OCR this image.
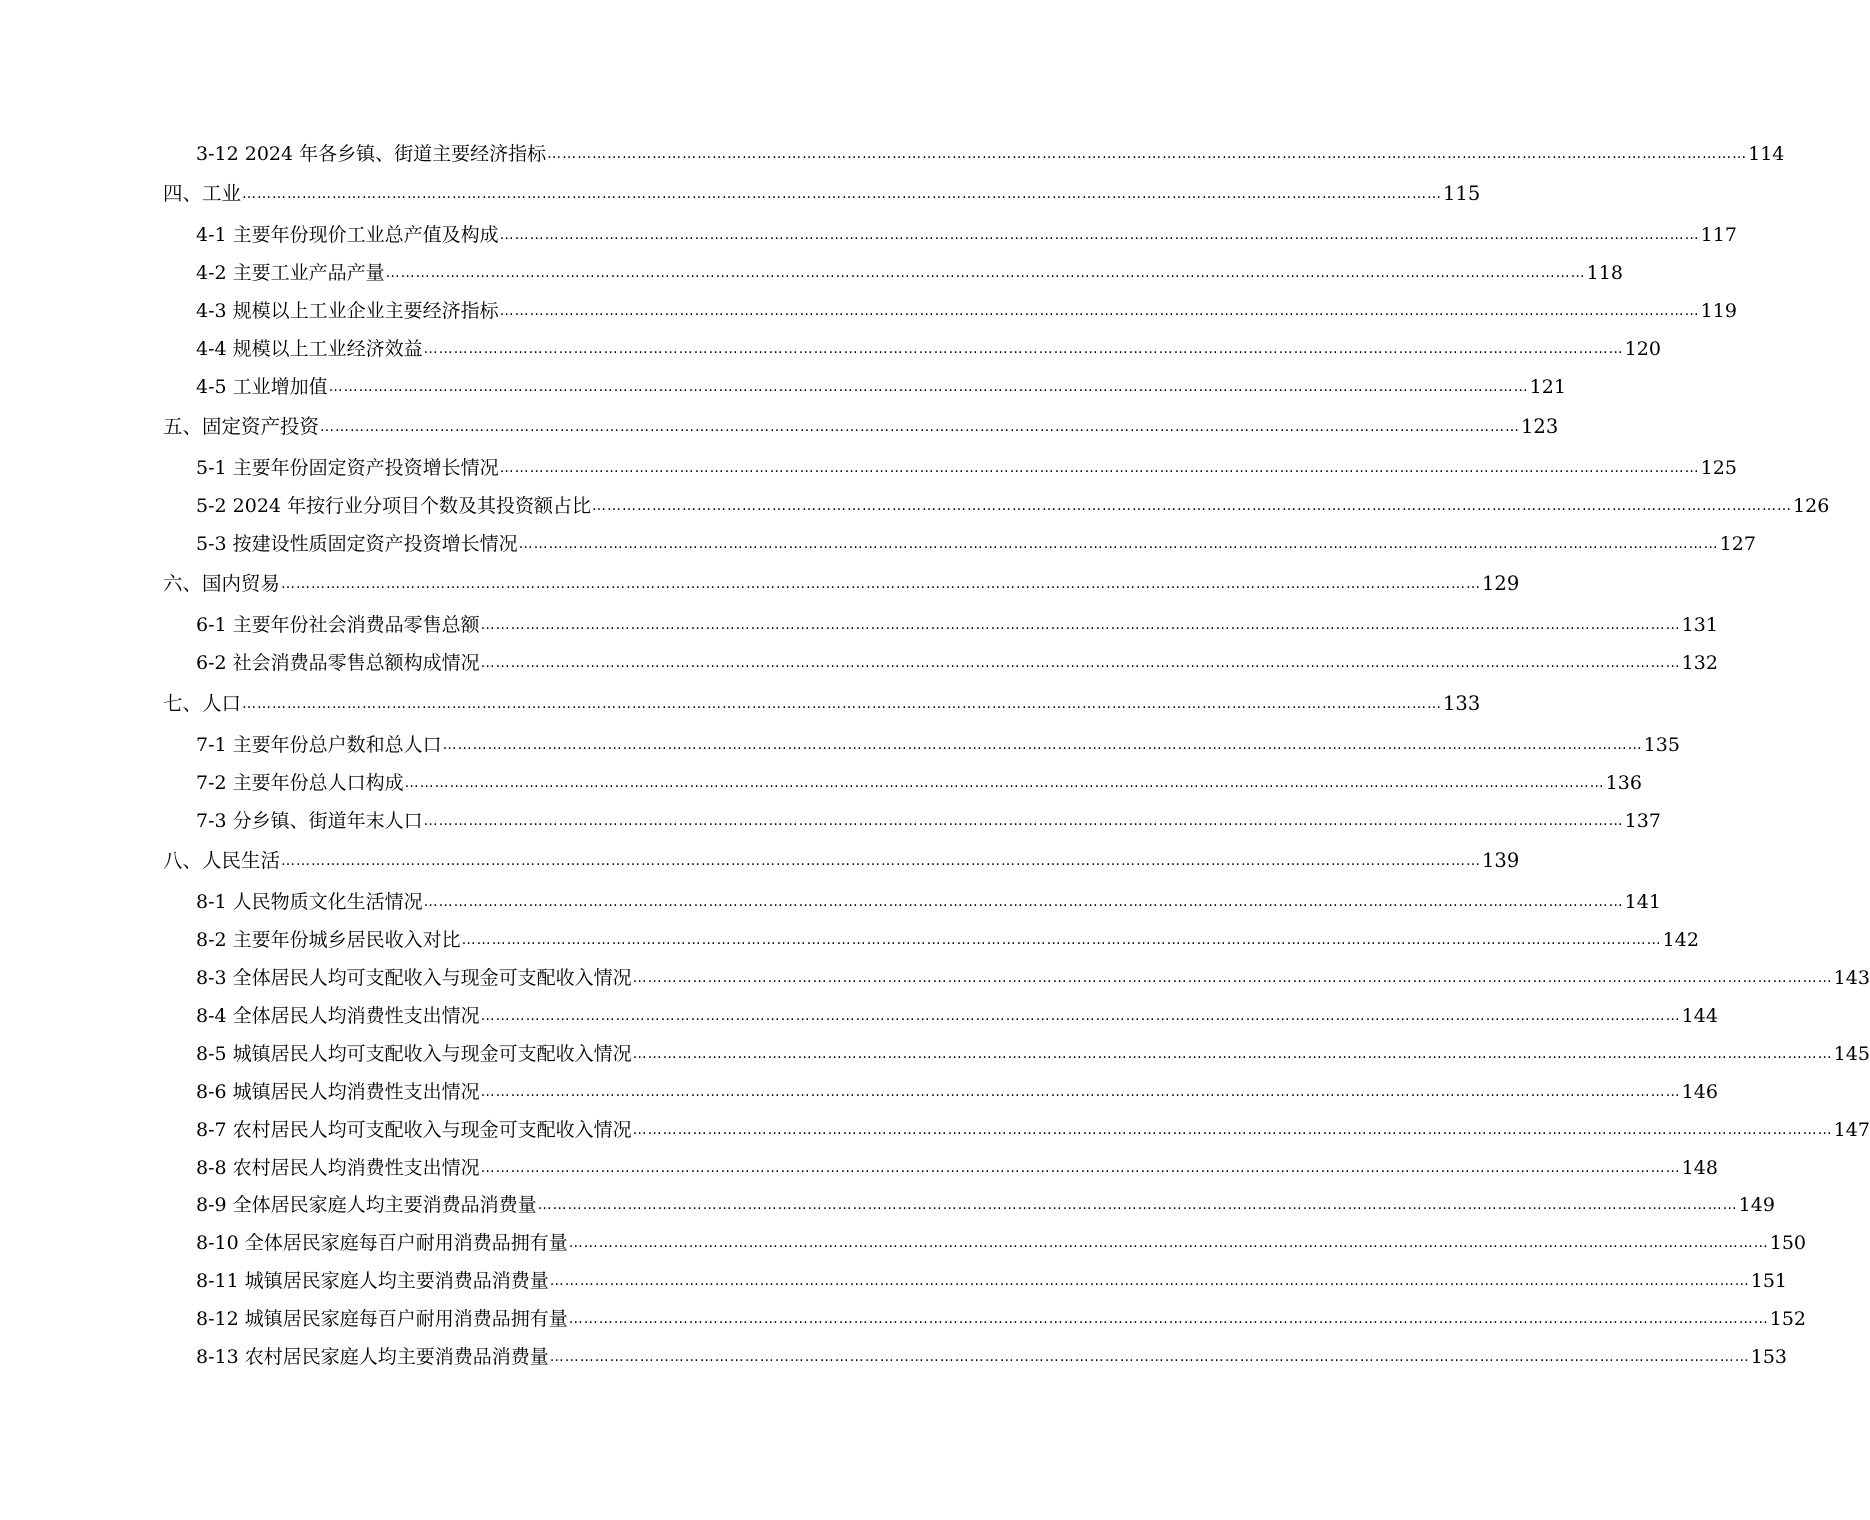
3-12 2024 年各乡镇、街道主要经济指标 …………………………………………………………………………………………………………………………………………………………………………………………………………………… 114
四、工业 …………………………………………………………………………………………………………………………………………………………………………………………………………………… 115
4-1 主要年份现价工业总产值及构成 …………………………………………………………………………………………………………………………………………………………………………………………………………………… 117
4-2 主要工业产品产量 …………………………………………………………………………………………………………………………………………………………………………………………………………………… 118
4-3 规模以上工业企业主要经济指标 …………………………………………………………………………………………………………………………………………………………………………………………………………………… 119
4-4 规模以上工业经济效益 …………………………………………………………………………………………………………………………………………………………………………………………………………………… 120
4-5 工业增加值 …………………………………………………………………………………………………………………………………………………………………………………………………………………… 121
五、固定资产投资 …………………………………………………………………………………………………………………………………………………………………………………………………………………… 123
5-1 主要年份固定资产投资增长情况 …………………………………………………………………………………………………………………………………………………………………………………………………………………… 125
5-2 2024 年按行业分项目个数及其投资额占比 …………………………………………………………………………………………………………………………………………………………………………………………………………………… 126
5-3 按建设性质固定资产投资增长情况 …………………………………………………………………………………………………………………………………………………………………………………………………………………… 127
六、国内贸易 …………………………………………………………………………………………………………………………………………………………………………………………………………………… 129
6-1 主要年份社会消费品零售总额 …………………………………………………………………………………………………………………………………………………………………………………………………………………… 131
6-2 社会消费品零售总额构成情况 …………………………………………………………………………………………………………………………………………………………………………………………………………………… 132
七、人口 …………………………………………………………………………………………………………………………………………………………………………………………………………………… 133
7-1 主要年份总户数和总人口 …………………………………………………………………………………………………………………………………………………………………………………………………………………… 135
7-2 主要年份总人口构成 …………………………………………………………………………………………………………………………………………………………………………………………………………………… 136
7-3 分乡镇、街道年末人口 …………………………………………………………………………………………………………………………………………………………………………………………………………………… 137
八、人民生活 …………………………………………………………………………………………………………………………………………………………………………………………………………………… 139
8-1 人民物质文化生活情况 …………………………………………………………………………………………………………………………………………………………………………………………………………………… 141
8-2 主要年份城乡居民收入对比 …………………………………………………………………………………………………………………………………………………………………………………………………………………… 142
8-3 全体居民人均可支配收入与现金可支配收入情况 …………………………………………………………………………………………………………………………………………………………………………………………………………………… 143
8-4 全体居民人均消费性支出情况 …………………………………………………………………………………………………………………………………………………………………………………………………………………… 144
8-5 城镇居民人均可支配收入与现金可支配收入情况 …………………………………………………………………………………………………………………………………………………………………………………………………………………… 145
8-6 城镇居民人均消费性支出情况 …………………………………………………………………………………………………………………………………………………………………………………………………………………… 146
8-7 农村居民人均可支配收入与现金可支配收入情况 …………………………………………………………………………………………………………………………………………………………………………………………………………………… 147
8-8 农村居民人均消费性支出情况 …………………………………………………………………………………………………………………………………………………………………………………………………………………… 148
8-9 全体居民家庭人均主要消费品消费量 …………………………………………………………………………………………………………………………………………………………………………………………………………………… 149
8-10 全体居民家庭每百户耐用消费品拥有量 …………………………………………………………………………………………………………………………………………………………………………………………………………………… 150
8-11 城镇居民家庭人均主要消费品消费量 …………………………………………………………………………………………………………………………………………………………………………………………………………………… 151
8-12 城镇居民家庭每百户耐用消费品拥有量 …………………………………………………………………………………………………………………………………………………………………………………………………………………… 152
8-13 农村居民家庭人均主要消费品消费量 …………………………………………………………………………………………………………………………………………………………………………………………………………………… 153
